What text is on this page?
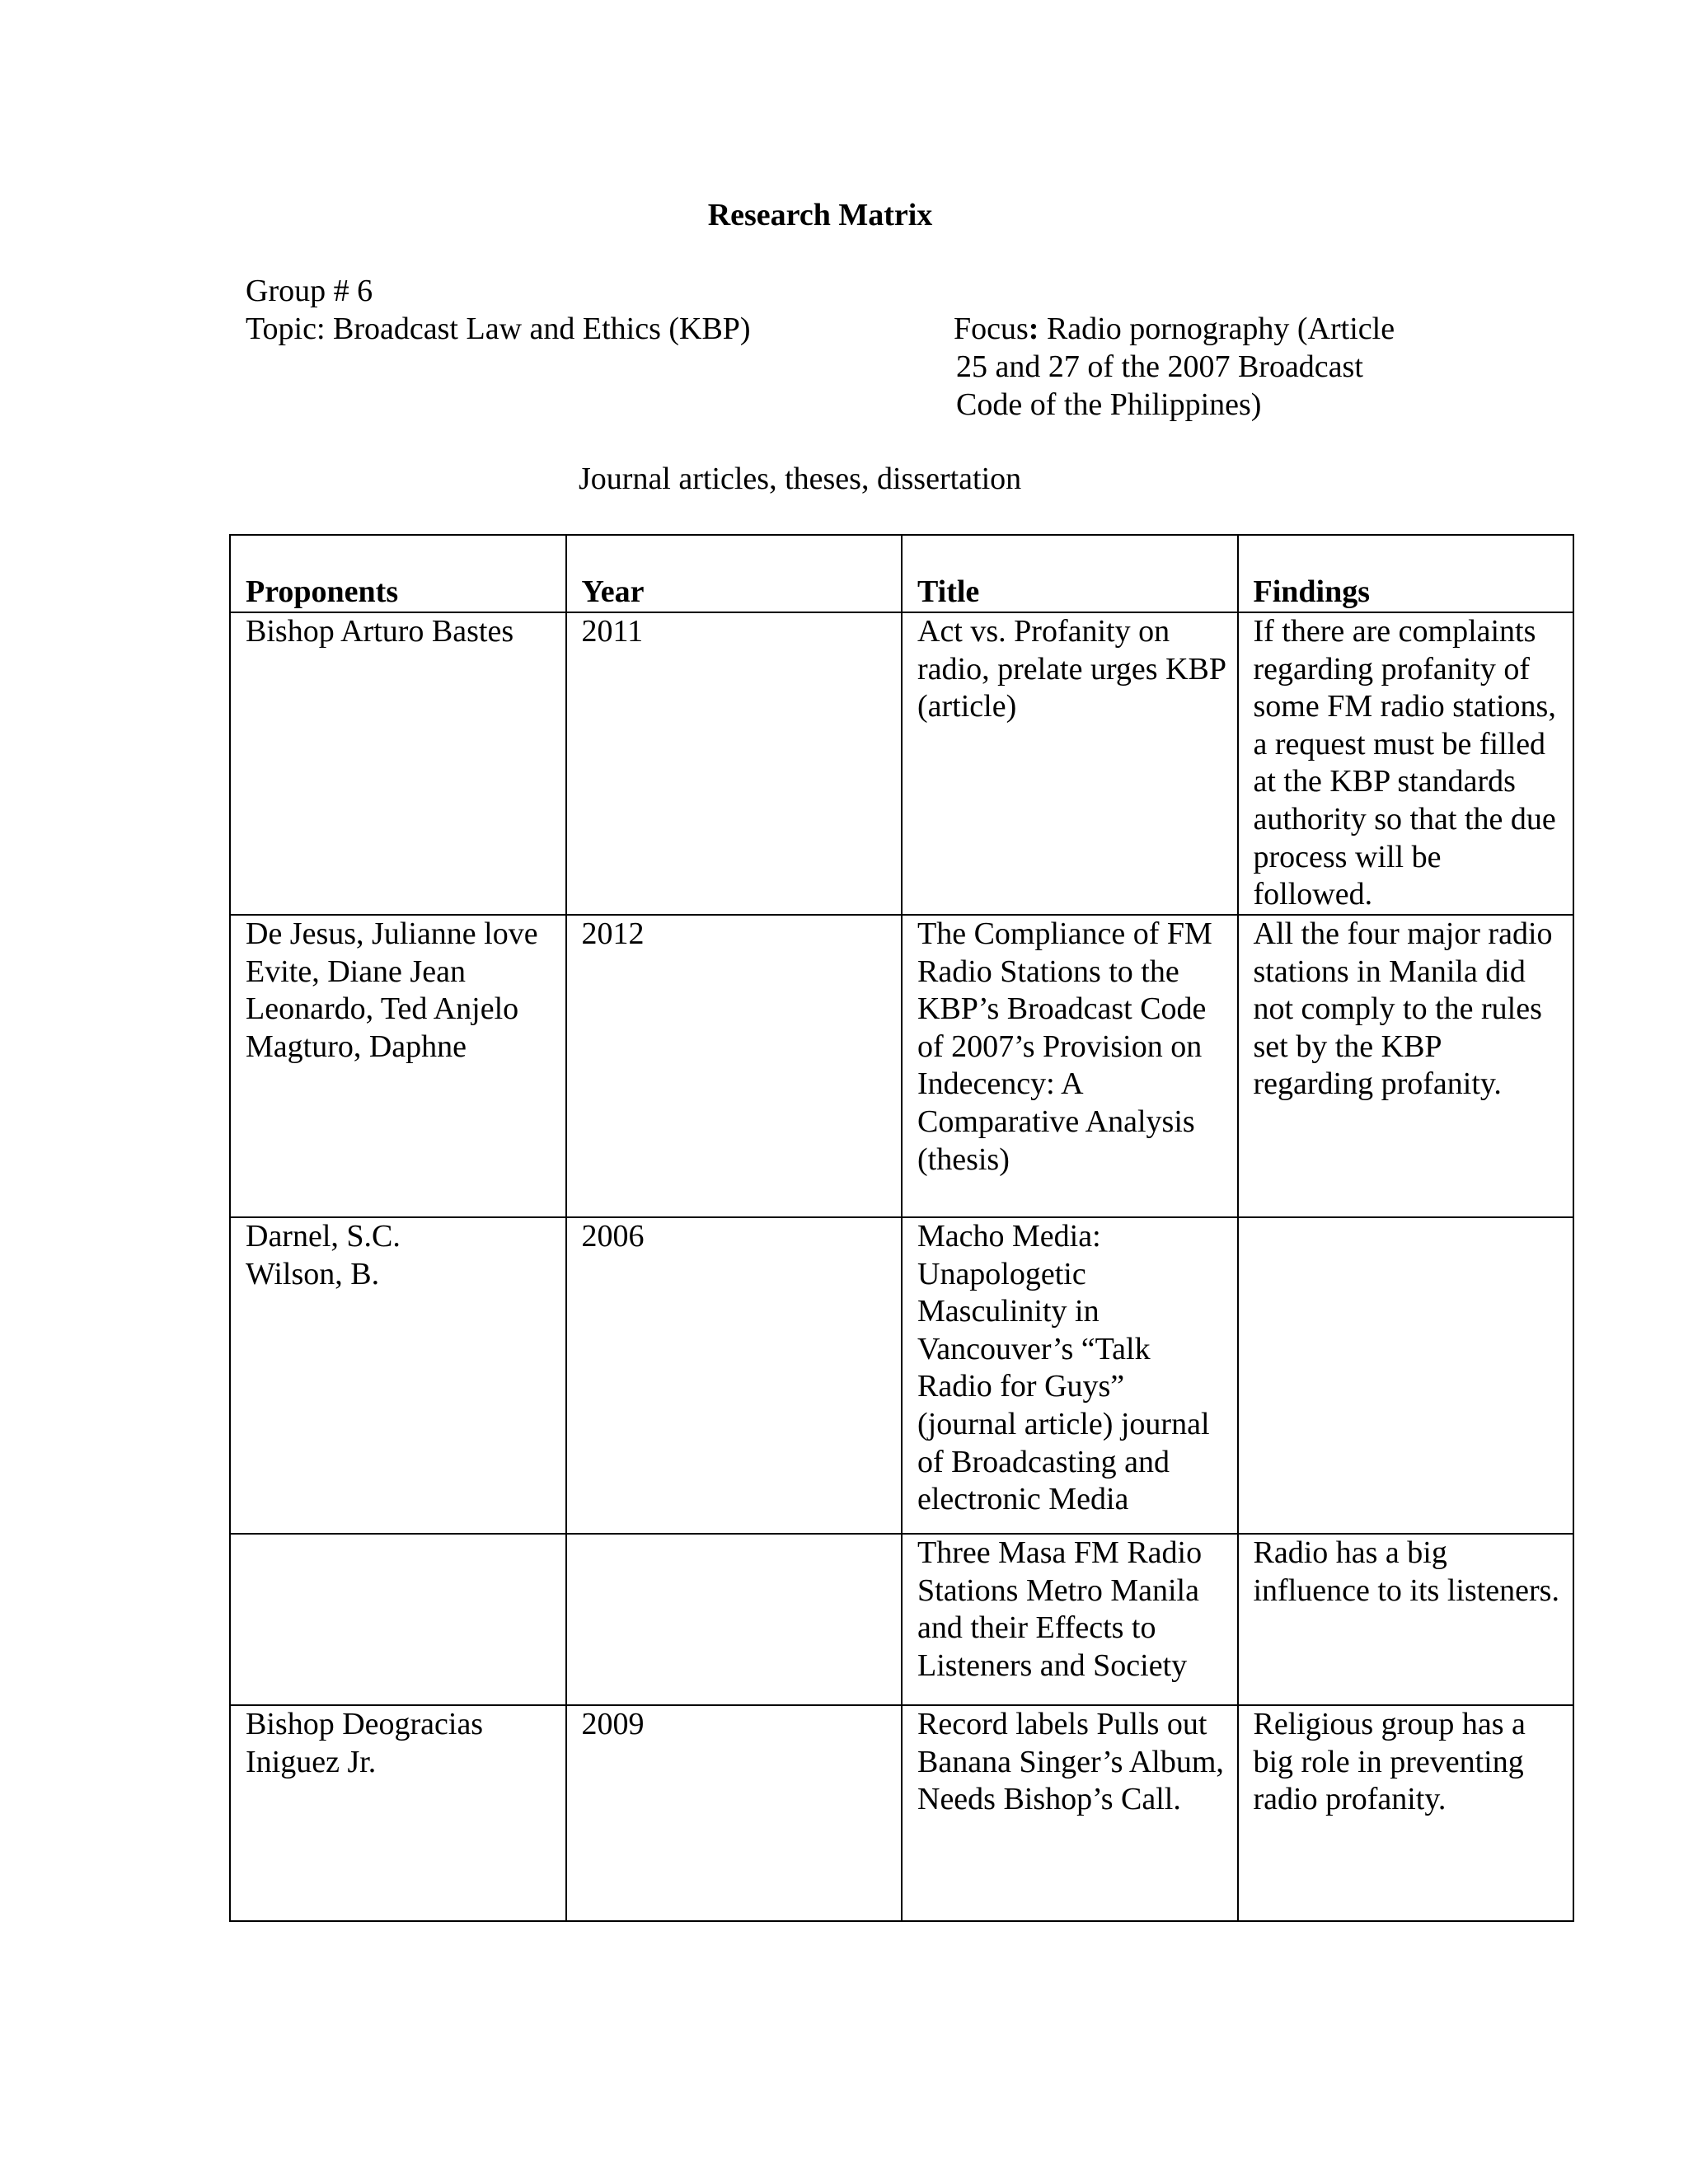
Research Matrix
Group # 6
Topic: Broadcast Law and Ethics (KBP)	Focus: Radio pornography (Article
25 and 27 of the 2007 Broadcast
Code of the Philippines)
Journal articles, theses, dissertation
Proponents	Year	Title	Findings

Bishop Arturo Bastes	2011	Act vs. Profanity on radio, prelate urges KBP (article)	If there are complaints regarding profanity of some FM radio stations, a request must be filled at the KBP standards authority so that the due process will be followed.

De Jesus, Julianne love
Evite, Diane Jean
Leonardo, Ted Anjelo
Magturo, Daphne	2012	The Compliance of FM Radio Stations to the KBP’s Broadcast Code of 2007’s Provision on Indecency: A Comparative Analysis (thesis)	All the four major radio stations in Manila did not comply to the rules set by the KBP regarding profanity.

Darnel, S.C.
Wilson, B.	2006	Macho Media: Unapologetic Masculinity in Vancouver’s “Talk Radio for Guys” (journal article) journal of Broadcasting and electronic Media	

		Three Masa FM Radio Stations Metro Manila and their Effects to Listeners and Society	Radio has a big influence to its listeners.

Bishop Deogracias
Iniguez Jr.	2009	Record labels Pulls out Banana Singer’s Album, Needs Bishop’s Call.	Religious group has a big role in preventing radio profanity.
